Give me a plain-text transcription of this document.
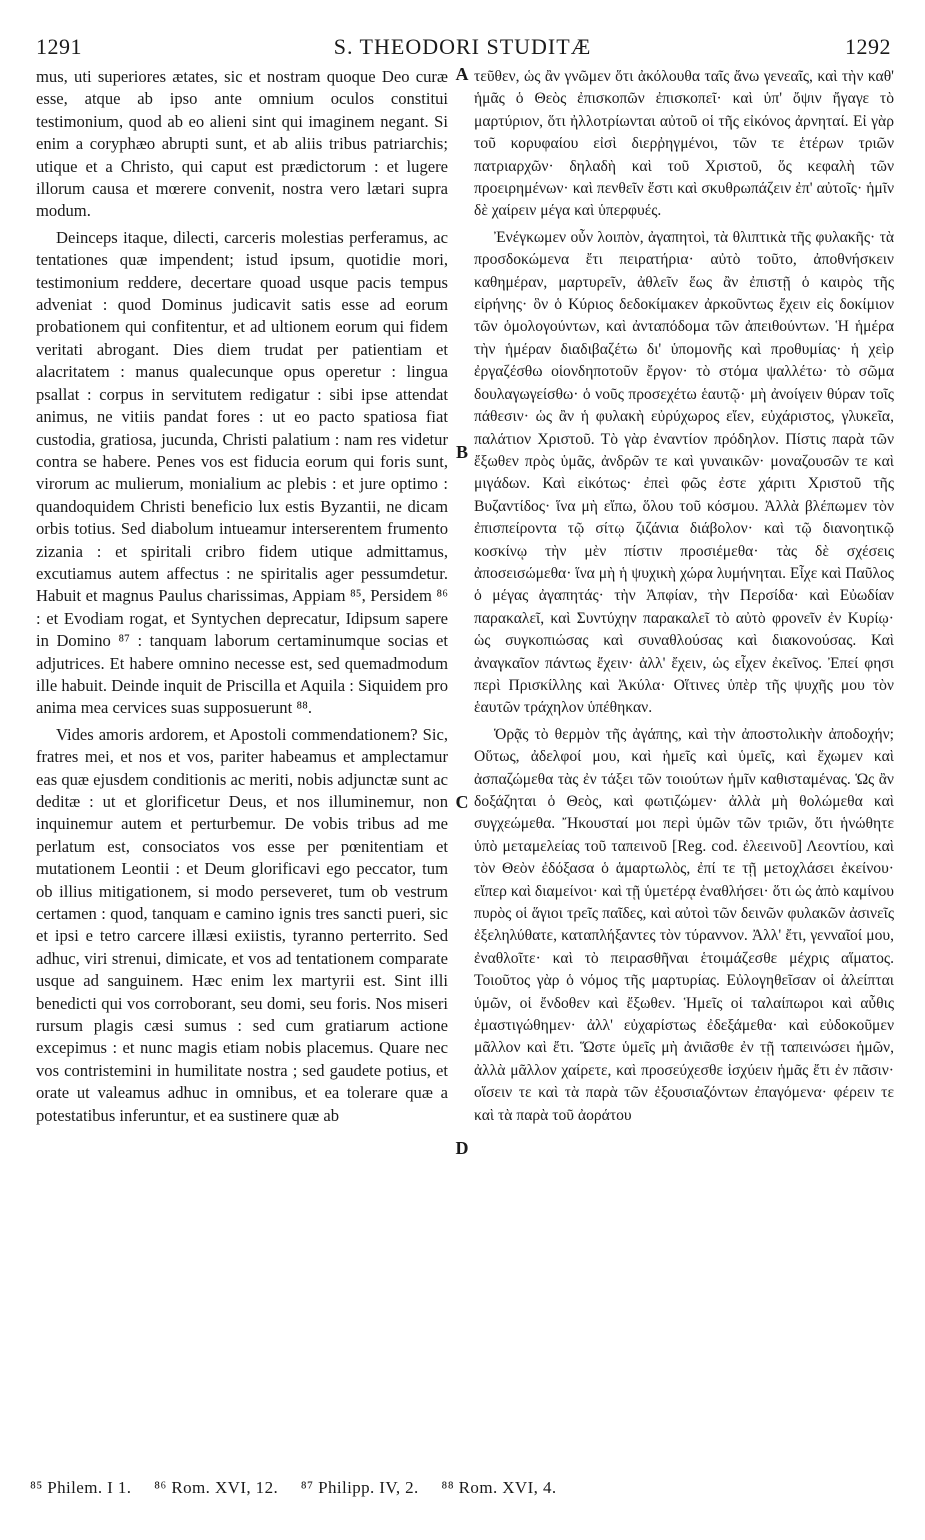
1291	S. THEODORI STUDITÆ	1292

mus, uti superiores ætates, sic et nostram quoque Deo curæ esse, atque ab ipso ante omnium oculos constitui testimonium, quod ab eo alieni sint qui imaginem negant. Si enim a coryphæo abrupti sunt, et ab aliis tribus patriarchis; utique et a Christo, qui caput est prædictorum : et lugere illorum causa et mœrere convenit, nostra vero lætari supra modum.

Deinceps itaque, dilecti, carceris molestias perferamus, ac tentationes quæ impendent; istud ipsum, quotidie mori, testimonium reddere, decertare quoad usque pacis tempus adveniat : quod Dominus judicavit satis esse ad eorum probationem qui confitentur, et ad ultionem eorum qui fidem veritati abrogant. Dies diem trudat per patientiam et alacritatem : manus qualecunque opus operetur : lingua psallat : corpus in servitutem redigatur : sibi ipse attendat animus, ne vitiis pandat fores : ut eo pacto spatiosa fiat custodia, gratiosa, jucunda, Christi palatium : nam res videtur contra se habere. Penes vos est fiducia eorum qui foris sunt, virorum ac mulierum, monialium ac plebis : et jure optimo : quandoquidem Christi beneficio lux estis Byzantii, ne dicam orbis totius. Sed diabolum intueamur interserentem frumento zizania : et spiritali cribro fidem utique admittamus, excutiamus autem affectus : ne spiritalis ager pessumdetur. Habuit et magnus Paulus charissimas, Appiam ⁸⁵, Persidem ⁸⁶ : et Evodiam rogat, et Syntychen deprecatur, Idipsum sapere in Domino ⁸⁷ : tanquam laborum certaminumque socias et adjutrices. Et habere omnino necesse est, sed quemadmodum ille habuit. Deinde inquit de Priscilla et Aquila : Siquidem pro anima mea cervices suas supposuerunt ⁸⁸.

Vides amoris ardorem, et Apostoli commendationem? Sic, fratres mei, et nos et vos, pariter habeamus et amplectamur eas quæ ejusdem conditionis ac meriti, nobis adjunctæ sunt ac deditæ : ut et glorificetur Deus, et nos illuminemur, non inquinemur autem et perturbemur. De vobis tribus ad me perlatum est, consociatos vos esse per pœnitentiam et mutationem Leontii : et Deum glorificavi ego peccator, tum ob illius mitigationem, si modo perseveret, tum ob vestrum certamen : quod, tanquam e camino ignis tres sancti pueri, sic et ipsi e tetro carcere illæsi exiistis, tyranno perterrito. Sed adhuc, viri strenui, dimicate, et vos ad tentationem comparate usque ad sanguinem. Hæc enim lex martyrii est. Sint illi benedicti qui vos corroborant, seu domi, seu foris. Nos miseri rursum plagis cæsi sumus : sed cum gratiarum actione excepimus : et nunc magis etiam nobis placemus. Quare nec vos contristemini in humilitate nostra ; sed gaudete potius, et orate ut valeamus adhuc in omnibus, et ea tolerare quæ a potestatibus inferuntur, et ea sustinere quæ ab

A
B
C
D

τεῦθεν, ὡς ἂν γνῶμεν ὅτι ἀκόλουθα ταῖς ἄνω γενεαῖς, καὶ τὴν καθ' ἡμᾶς ὁ Θεὸς ἐπισκοπῶν ἐπισκοπεῖ· καὶ ὑπ' ὄψιν ἤγαγε τὸ μαρτύριον, ὅτι ἠλλοτρίωνται αὐτοῦ οἱ τῆς εἰκόνος ἀρνηταί. Εἰ γὰρ τοῦ κορυφαίου εἰσὶ διερῤηγμένοι, τῶν τε ἑτέρων τριῶν πατριαρχῶν· δηλαδὴ καὶ τοῦ Χριστοῦ, ὅς κεφαλὴ τῶν προειρημένων· καὶ πενθεῖν ἔστι καὶ σκυθρωπάζειν ἐπ' αὐτοῖς· ἡμῖν δὲ χαίρειν μέγα καὶ ὑπερφυές.

Ἐνέγκωμεν οὖν λοιπὸν, ἀγαπητοὶ, τὰ θλιπτικὰ τῆς φυλακῆς· τὰ προσδοκώμενα ἔτι πειρατήρια· αὐτὸ τοῦτο, ἀποθνήσκειν καθημέραν, μαρτυρεῖν, ἀθλεῖν ἕως ἂν ἐπιστῇ ὁ καιρὸς τῆς εἰρήνης· ὃν ὁ Κύριος δεδοκίμακεν ἀρκοῦντως ἔχειν εἰς δοκίμιον τῶν ὁμολογούντων, καὶ ἀνταπόδομα τῶν ἀπειθούντων. Ἡ ἡμέρα τὴν ἡμέραν διαδιβαζέτω δι' ὑπομονῆς καὶ προθυμίας· ἡ χεὶρ ἐργαζέσθω οἱονδηποτοῦν ἔργον· τὸ στόμα ψαλλέτω· τὸ σῶμα δουλαγωγείσθω· ὁ νοῦς προσεχέτω ἑαυτῷ· μὴ ἀνοίγειν θύραν τοῖς πάθεσιν· ὡς ἂν ἡ φυλακὴ εὐρύχωρος εἴεν, εὐχάριστος, γλυκεῖα, παλάτιον Χριστοῦ. Τὸ γὰρ ἐναντίον πρόδηλον. Πίστις παρὰ τῶν ἔξωθεν πρὸς ὑμᾶς, ἀνδρῶν τε καὶ γυναικῶν· μοναζουσῶν τε καὶ μιγάδων. Καὶ εἰκότως· ἐπεὶ φῶς ἐστε χάριτι Χριστοῦ τῆς Βυζαντίδος· ἵνα μὴ εἴπω, ὅλου τοῦ κόσμου. Ἀλλὰ βλέπωμεν τὸν ἐπισπείροντα τῷ σίτῳ ζιζάνια διάβολον· καὶ τῷ διανοητικῷ κοσκίνῳ τὴν μὲν πίστιν προσιέμεθα· τὰς δὲ σχέσεις ἀποσεισώμεθα· ἵνα μὴ ἡ ψυχικὴ χώρα λυμήνηται. Εἶχε καὶ Παῦλος ὁ μέγας ἀγαπητάς· τὴν Ἀπφίαν, τὴν Περσίδα· καὶ Εὐωδίαν παρακαλεῖ, καὶ Συντύχην παρακαλεῖ τὸ αὐτὸ φρονεῖν ἐν Κυρίῳ· ὡς συγκοπιώσας καὶ συναθλούσας καὶ διακονούσας. Καὶ ἀναγκαῖον πάντως ἔχειν· ἀλλ' ἔχειν, ὡς εἶχεν ἐκεῖνος. Ἐπεί φησι περὶ Πρισκίλλης καὶ Ἀκύλα· Οἵτινες ὑπὲρ τῆς ψυχῆς μου τὸν ἑαυτῶν τράχηλον ὑπέθηκαν.

Ὁρᾷς τὸ θερμὸν τῆς ἀγάπης, καὶ τὴν ἀποστολικὴν ἀποδοχήν; Οὕτως, ἀδελφοί μου, καὶ ἡμεῖς καὶ ὑμεῖς, καὶ ἔχωμεν καὶ ἀσπαζώμεθα τὰς ἐν τάξει τῶν τοιούτων ἡμῖν καθισταμένας. Ὡς ἂν δοξάζηται ὁ Θεὸς, καὶ φωτιζώμεν· ἀλλὰ μὴ θολώμεθα καὶ συγχεώμεθα. Ἤκουσταί μοι περὶ ὑμῶν τῶν τριῶν, ὅτι ἡνώθητε ὑπὸ μεταμελείας τοῦ ταπεινοῦ [Reg. cod. ἐλεεινοῦ] Λεοντίου, καὶ τὸν Θεὸν ἐδόξασα ὁ ἁμαρτωλὸς, ἐπί τε τῇ μετοχλάσει ἐκείνου· εἴπερ καὶ διαμείνοι· καὶ τῇ ὑμετέρᾳ ἐναθλήσει· ὅτι ὡς ἀπὸ καμίνου πυρὸς οἱ ἅγιοι τρεῖς παῖδες, καὶ αὐτοὶ τῶν δεινῶν φυλακῶν ἀσινεῖς ἐξεληλύθατε, καταπλήξαντες τὸν τύραννον. Ἀλλ' ἔτι, γενναῖοί μου, ἐναθλοῖτε· καὶ τὸ πειρασθῆναι ἑτοιμάζεσθε μέχρις αἵματος. Τοιοῦτος γὰρ ὁ νόμος τῆς μαρτυρίας. Εὐλογηθεῖσαν οἱ ἀλείπται ὑμῶν, οἱ ἔνδοθεν καὶ ἔξωθεν. Ἡμεῖς οἱ ταλαίπωροι καὶ αὖθις ἐμαστιγώθημεν· ἀλλ' εὐχαρίστως ἐδεξάμεθα· καὶ εὐδοκοῦμεν μᾶλλον καὶ ἔτι. Ὥστε ὑμεῖς μὴ ἀνιᾶσθε ἐν τῇ ταπεινώσει ἡμῶν, ἀλλὰ μᾶλλον χαίρετε, καὶ προσεύχεσθε ἰσχύειν ἡμᾶς ἔτι ἐν πᾶσιν· οἵσειν τε καὶ τὰ παρὰ τῶν ἐξουσιαζόντων ἐπαγόμενα· φέρειν τε καὶ τὰ παρὰ τοῦ ἀοράτου

⁸⁵ Philem. I 1. ⁸⁶ Rom. XVI, 12. ⁸⁷ Philipp. IV, 2. ⁸⁸ Rom. XVI, 4.
